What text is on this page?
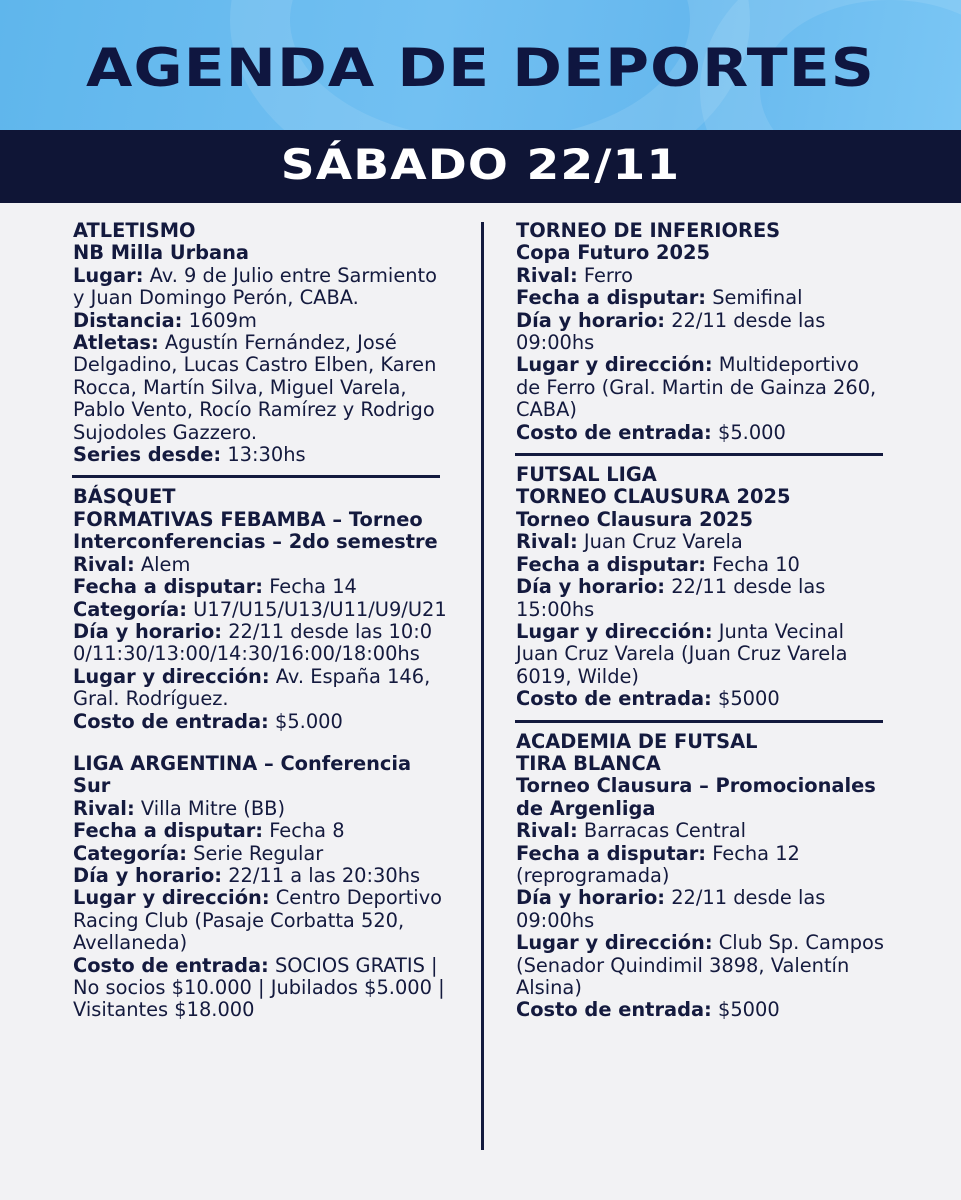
AGENDA DE DEPORTES
SÁBADO 22/11

ATLETISMO

NB Milla Urbana

Lugar: Av. 9 de Julio entre Sarmiento y Juan Domingo Perón, CABA.

Distancia: 1609m

Atletas: Agustín Fernández, José Delgadino, Lucas Castro Elben, Karen Rocca, Martín Silva, Miguel Varela, Pablo Vento, Rocío Ramírez y Rodrigo Sujodoles Gazzero.

Series desde: 13:30hs

BÁSQUET

FORMATIVAS FEBAMBA – Torneo Interconferencias – 2do semestre

Rival: Alem

Fecha a disputar: Fecha 14

Categoría: U17/U15/U13/U11/U9/U21

Día y horario: 22/11 desde las 10:00/11:30/13:00/14:30/16:00/18:00hs

Lugar y dirección: Av. España 146, Gral. Rodríguez.

Costo de entrada: $5.000

LIGA ARGENTINA – Conferencia Sur

Rival: Villa Mitre (BB)

Fecha a disputar: Fecha 8

Categoría: Serie Regular

Día y horario: 22/11 a las 20:30hs

Lugar y dirección: Centro Deportivo Racing Club (Pasaje Corbatta 520, Avellaneda)

Costo de entrada: SOCIOS GRATIS | No socios $10.000 | Jubilados $5.000 | Visitantes $18.000

TORNEO DE INFERIORES

Copa Futuro 2025

Rival: Ferro

Fecha a disputar: Semifinal

Día y horario: 22/11 desde las 09:00hs

Lugar y dirección: Multideportivo de Ferro (Gral. Martin de Gainza 260, CABA)

Costo de entrada: $5.000

FUTSAL LIGA

TORNEO CLAUSURA 2025

Torneo Clausura 2025

Rival: Juan Cruz Varela

Fecha a disputar: Fecha 10

Día y horario: 22/11 desde las 15:00hs

Lugar y dirección: Junta Vecinal Juan Cruz Varela (Juan Cruz Varela 6019, Wilde)

Costo de entrada: $5000

ACADEMIA DE FUTSAL

TIRA BLANCA

Torneo Clausura – Promocionales de Argenliga

Rival: Barracas Central

Fecha a disputar: Fecha 12 (reprogramada)

Día y horario: 22/11 desde las 09:00hs

Lugar y dirección: Club Sp. Campos (Senador Quindimil 3898, Valentín Alsina)

Costo de entrada: $5000
